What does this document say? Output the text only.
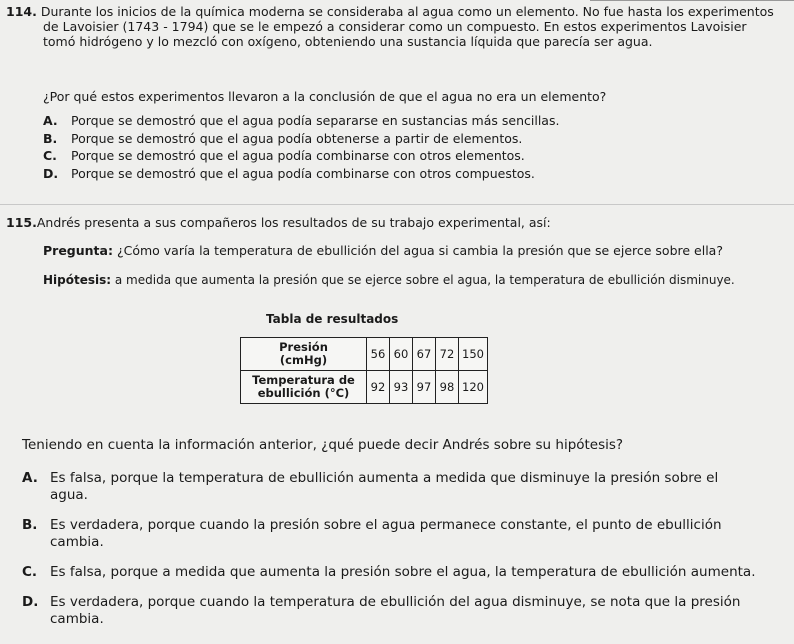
114. Durante los inicios de la química moderna se consideraba al agua como un elemento. No fue hasta los experimentos
de Lavoisier (1743 - 1794) que se le empezó a considerar como un compuesto. En estos experimentos Lavoisier
tomó hidrógeno y lo mezcló con oxígeno, obteniendo una sustancia líquida que parecía ser agua.
¿Por qué estos experimentos llevaron a la conclusión de que el agua no era un elemento?
A. Porque se demostró que el agua podía separarse en sustancias más sencillas.
B. Porque se demostró que el agua podía obtenerse a partir de elementos.
C. Porque se demostró que el agua podía combinarse con otros elementos.
D. Porque se demostró que el agua podía combinarse con otros compuestos.
115.Andrés presenta a sus compañeros los resultados de su trabajo experimental, así:
Pregunta: ¿Cómo varía la temperatura de ebullición del agua si cambia la presión que se ejerce sobre ella?
Hipótesis: a medida que aumenta la presión que se ejerce sobre el agua, la temperatura de ebullición disminuye.
Tabla de resultados
Presión
(cmHg)	56	60	67	72	150
Temperatura de
ebullición (°C)	92	93	97	98	120
Teniendo en cuenta la información anterior, ¿qué puede decir Andrés sobre su hipótesis?
A. Es falsa, porque la temperatura de ebullición aumenta a medida que disminuye la presión sobre el
agua.
B. Es verdadera, porque cuando la presión sobre el agua permanece constante, el punto de ebullición
cambia.
C. Es falsa, porque a medida que aumenta la presión sobre el agua, la temperatura de ebullición aumenta.
D. Es verdadera, porque cuando la temperatura de ebullición del agua disminuye, se nota que la presión
cambia.
